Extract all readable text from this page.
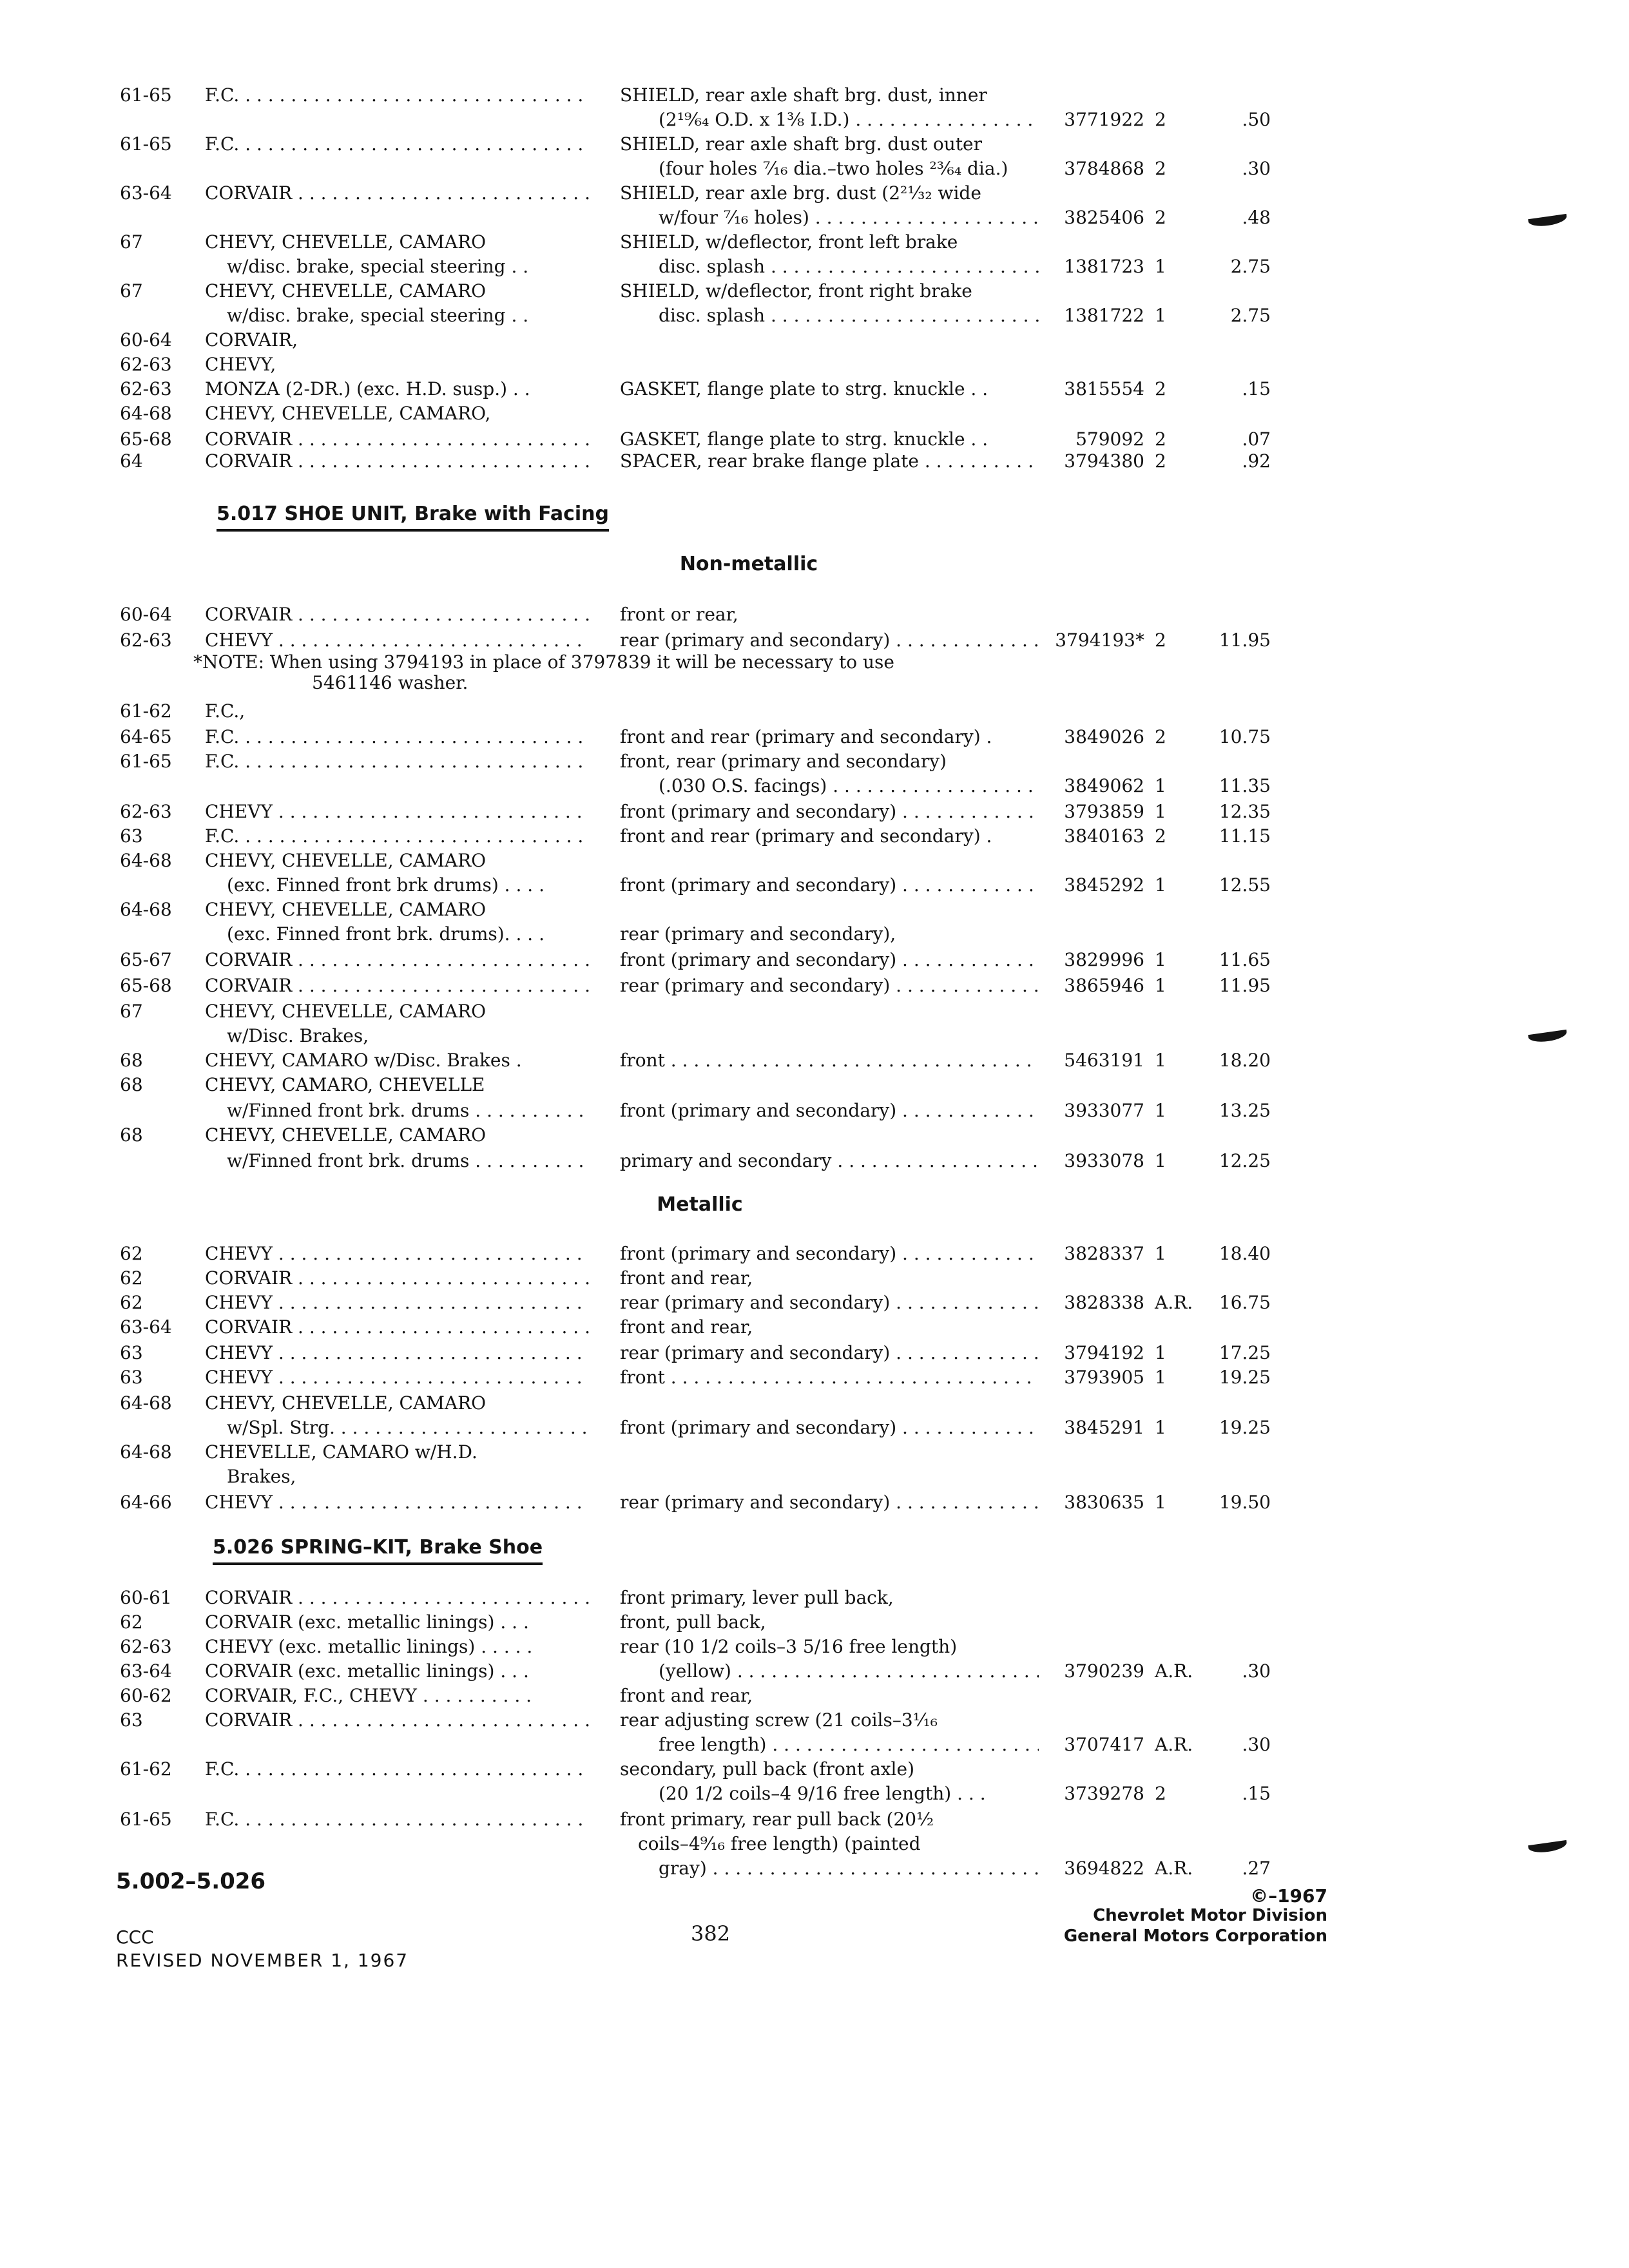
61-65 F.C. . . .	SHIELD, rear axle shaft brg. dust, inner
(2¹⁹⁄₆₄ O.D. x 1⅜ I.D.) . . .	3771922 2	.50
61-65 F.C. . . .	SHIELD, rear axle shaft brg. dust outer
(four holes ⁷⁄₁₆ dia.–two holes ²³⁄₆₄ dia.)	3784868 2	.30
63-64 CORVAIR . . .	SHIELD, rear axle brg. dust (2²¹⁄₃₂ wide
w/four ⁷⁄₁₆ holes) . . .	3825406 2	.48
67	CHEVY, CHEVELLE, CAMARO	SHIELD, w/deflector, front left brake
w/disc. brake, special steering . .	disc. splash . . .	1381723 1	2.75
67	CHEVY, CHEVELLE, CAMARO	SHIELD, w/deflector, front right brake
w/disc. brake, special steering . .	disc. splash . . .	1381722 1	2.75
60-64 CORVAIR,
62-63 CHEVY,
62-63 MONZA (2-DR.) (exc. H.D. susp.) . .	GASKET, flange plate to strg. knuckle . .	3815554 2	.15
64-68 CHEVY, CHEVELLE, CAMARO,
65-68 CORVAIR . . .	GASKET, flange plate to strg. knuckle . .	579092 2	.07
64	CORVAIR . . .	SPACER, rear brake flange plate . . .	3794380 2	.92
5.017 SHOE UNIT, Brake with Facing
Non-metallic
60-64 CORVAIR . . .	front or rear,
62-63 CHEVY . . .	rear (primary and secondary) . . .	3794193* 2	11.95
*NOTE: When using 3794193 in place of 3797839 it will be necessary to use
5461146 washer.
61-62 F.C.,
64-65 F.C. . . .	front and rear (primary and secondary) .	3849026 2	10.75
61-65 F.C. . . .	front, rear (primary and secondary)
(.030 O.S. facings) . . .	3849062 1	11.35
62-63 CHEVY . . .	front (primary and secondary) . . .	3793859 1	12.35
63	F.C. . . .	front and rear (primary and secondary) .	3840163 2	11.15
64-68 CHEVY, CHEVELLE, CAMARO
(exc. Finned front brk drums) . . . .	front (primary and secondary) . . .	3845292 1	12.55
64-68 CHEVY, CHEVELLE, CAMARO
(exc. Finned front brk. drums). . . .	rear (primary and secondary),
65-67 CORVAIR . . .	front (primary and secondary) . . .	3829996 1	11.65
65-68 CORVAIR . . .	rear (primary and secondary) . . .	3865946 1	11.95
67	CHEVY, CHEVELLE, CAMARO
w/Disc. Brakes,
68	CHEVY, CAMARO w/Disc. Brakes .	front . . .	5463191 1	18.20
68	CHEVY, CAMARO, CHEVELLE
w/Finned front brk. drums . . .	front (primary and secondary) . . .	3933077 1	13.25
68	CHEVY, CHEVELLE, CAMARO
w/Finned front brk. drums . . .	primary and secondary . . .	3933078 1	12.25
Metallic
62	CHEVY . . .	front (primary and secondary) . . .	3828337 1	18.40
62	CORVAIR . . .	front and rear,
62	CHEVY . . .	rear (primary and secondary) . . .	3828338 A.R.	16.75
63-64 CORVAIR . . .	front and rear,
63	CHEVY . . .	rear (primary and secondary) . . .	3794192 1	17.25
63	CHEVY . . .	front . . .	3793905 1	19.25
64-68 CHEVY, CHEVELLE, CAMARO
w/Spl. Strg. . . .	front (primary and secondary) . . .	3845291 1	19.25
64-68 CHEVELLE, CAMARO w/H.D.
Brakes,
64-66 CHEVY . . .	rear (primary and secondary) . . .	3830635 1	19.50
5.026 SPRING–KIT, Brake Shoe
60-61 CORVAIR . . .	front primary, lever pull back,
62	CORVAIR (exc. metallic linings) . . .	front, pull back,
62-63 CHEVY (exc. metallic linings) . . . . .	rear (10 1/2 coils–3 5/16 free length)
63-64 CORVAIR (exc. metallic linings) . . .	(yellow) . . .	3790239 A.R.	.30
60-62 CORVAIR, F.C., CHEVY . . . . . . . . . .	front and rear,
63	CORVAIR . . .	rear adjusting screw (21 coils–3¹⁄₁₆
free length) . . .	3707417 A.R.	.30
61-62 F.C. . . .	secondary, pull back (front axle)
(20 1/2 coils–4 9/16 free length) . . .	3739278 2	.15
61-65 F.C. . . .	front primary, rear pull back (20½
coils–4⁹⁄₁₆ free length) (painted
gray) . . .	3694822 A.R.	.27
5.002–5.026
CCC
REVISED NOVEMBER 1, 1967
382
©–1967
Chevrolet Motor Division
General Motors Corporation
